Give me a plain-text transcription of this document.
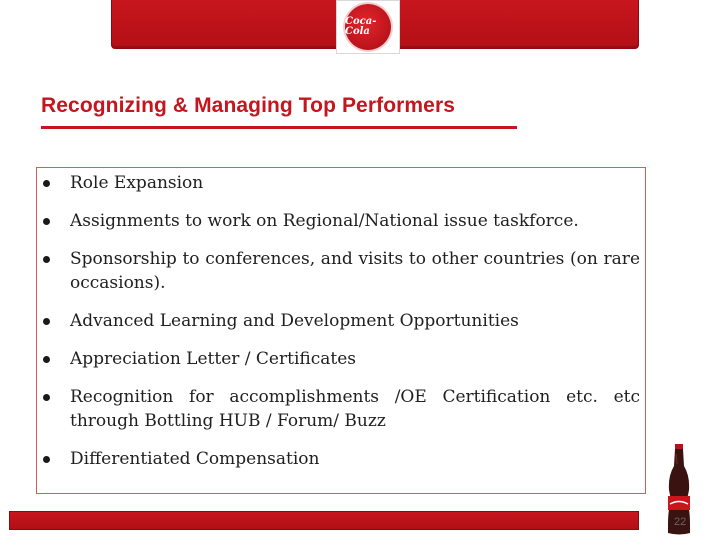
Coca-Cola
Recognizing & Managing Top Performers
Role Expansion
Assignments to work on Regional/National issue taskforce.
Sponsorship to conferences, and visits to other countries (on rare occasions).
Advanced Learning and Development Opportunities
Appreciation Letter / Certificates
Recognition for accomplishments /OE Certification etc. etc through Bottling HUB / Forum/ Buzz
Differentiated Compensation
22
